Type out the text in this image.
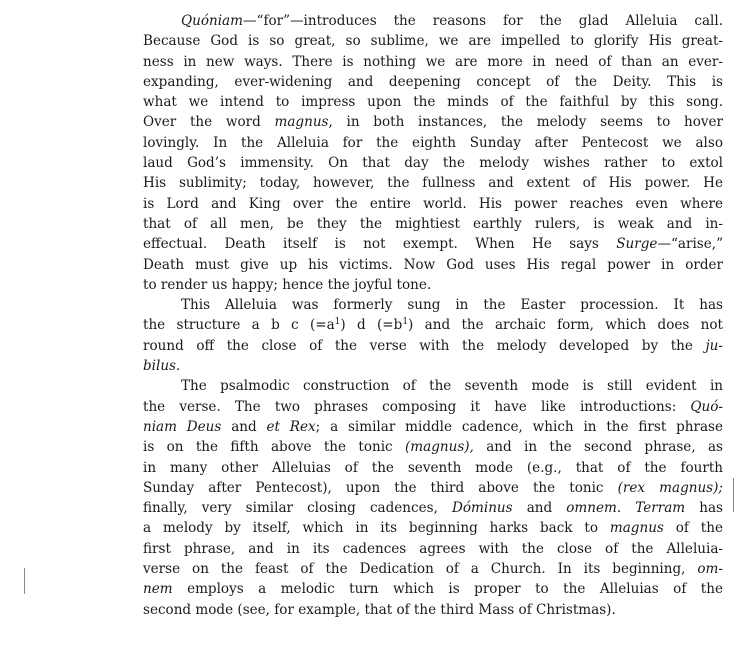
Quóniam—“for”—introduces the reasons for the glad Alleluia call.
Because God is so great, so sublime, we are impelled to glorify His great-
ness in new ways. There is nothing we are more in need of than an ever-
expanding, ever-widening and deepening concept of the Deity. This is
what we intend to impress upon the minds of the faithful by this song.
Over the word magnus, in both instances, the melody seems to hover
lovingly. In the Alleluia for the eighth Sunday after Pentecost we also
laud God’s immensity. On that day the melody wishes rather to extol
His sublimity; today, however, the fullness and extent of His power. He
is Lord and King over the entire world. His power reaches even where
that of all men, be they the mightiest earthly rulers, is weak and in-
effectual. Death itself is not exempt. When He says Surge—“arise,”
Death must give up his victims. Now God uses His regal power in order
to render us happy; hence the joyful tone.
This Alleluia was formerly sung in the Easter procession. It has
the structure a b c $(=a^1)$ d $(=b^1)$ and the archaic form, which does not
round off the close of the verse with the melody developed by the ju-
bilus.
The psalmodic construction of the seventh mode is still evident in
the verse. The two phrases composing it have like introductions: Quó-
niam Deus and et Rex; a similar middle cadence, which in the first phrase
is on the fifth above the tonic (magnus), and in the second phrase, as
in many other Alleluias of the seventh mode (e.g., that of the fourth
Sunday after Pentecost), upon the third above the tonic (rex magnus);
finally, very similar closing cadences, Dóminus and omnem. Terram has
a melody by itself, which in its beginning harks back to magnus of the
first phrase, and in its cadences agrees with the close of the Alleluia-
verse on the feast of the Dedication of a Church. In its beginning, om-
nem employs a melodic turn which is proper to the Alleluias of the
second mode (see, for example, that of the third Mass of Christmas).
